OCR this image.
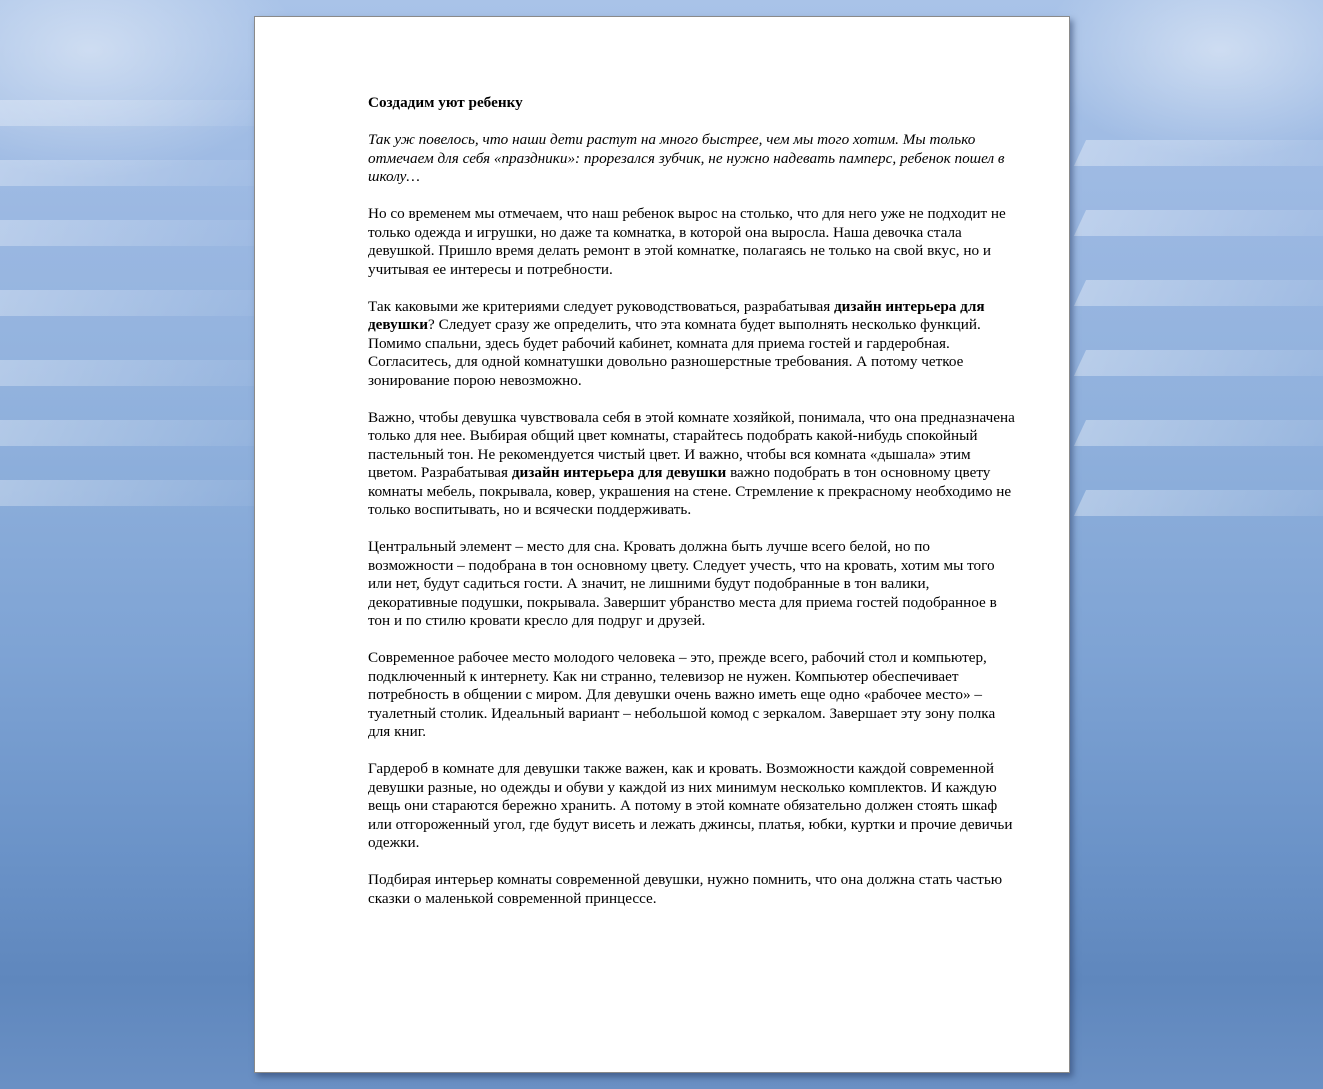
Создадим уют ребенку

Так уж повелось, что наши дети растут на много быстрее, чем мы того хотим. Мы только отмечаем для себя «праздники»: прорезался зубчик, не нужно надевать памперс, ребенок пошел в школу…

Но со временем мы отмечаем, что наш ребенок вырос на столько, что для него уже не подходит не только одежда и игрушки, но даже та комнатка, в которой она выросла. Наша девочка стала девушкой. Пришло время делать ремонт в этой комнатке, полагаясь не только на свой вкус, но и учитывая ее интересы и потребности.

Так каковыми же критериями следует руководствоваться, разрабатывая дизайн интерьера для девушки? Следует сразу же определить, что эта комната будет выполнять несколько функций. Помимо спальни, здесь будет рабочий кабинет, комната для приема гостей и гардеробная. Согласитесь, для одной комнатушки довольно разношерстные требования. А потому четкое зонирование порою невозможно.

Важно, чтобы девушка чувствовала себя в этой комнате хозяйкой, понимала, что она предназначена только для нее. Выбирая общий цвет комнаты, старайтесь подобрать какой-нибудь спокойный пастельный тон. Не рекомендуется чистый цвет. И важно, чтобы вся комната «дышала» этим цветом. Разрабатывая дизайн интерьера для девушки важно подобрать в тон основному цвету комнаты мебель, покрывала, ковер, украшения на стене. Стремление к прекрасному необходимо не только воспитывать, но и всячески поддерживать.

Центральный элемент – место для сна. Кровать должна быть лучше всего белой, но по возможности – подобрана в тон основному цвету. Следует учесть, что на кровать, хотим мы того или нет, будут садиться гости. А значит, не лишними будут подобранные в тон валики, декоративные подушки, покрывала. Завершит убранство места для приема гостей подобранное в тон и по стилю кровати кресло для подруг и друзей.

Современное рабочее место молодого человека – это, прежде всего, рабочий стол и компьютер, подключенный к интернету. Как ни странно, телевизор не нужен. Компьютер обеспечивает потребность в общении с миром. Для девушки очень важно иметь еще одно «рабочее место» – туалетный столик. Идеальный вариант – небольшой комод с зеркалом. Завершает эту зону полка для книг.

Гардероб в комнате для девушки также важен, как и кровать. Возможности каждой современной девушки разные, но одежды и обуви у каждой из них минимум несколько комплектов. И каждую вещь они стараются бережно хранить. А потому в этой комнате обязательно должен стоять шкаф или отгороженный угол, где будут висеть и лежать джинсы, платья, юбки, куртки и прочие девичьи одежки.

Подбирая интерьер комнаты современной девушки, нужно помнить, что она должна стать частью сказки о маленькой современной принцессе.
